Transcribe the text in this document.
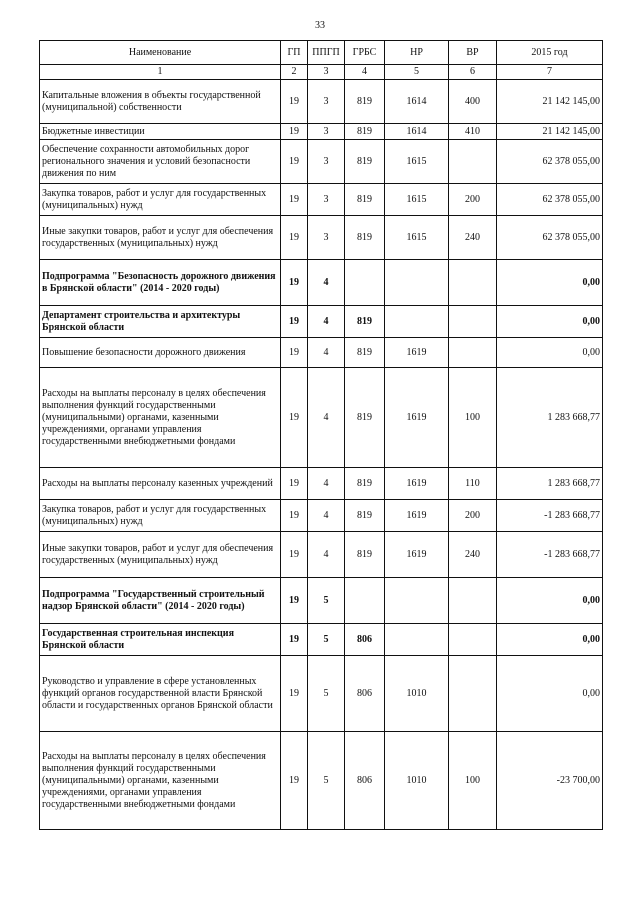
33
Наименование	ГП	ППГП	ГРБС	НР	ВР	2015 год
1	2	3	4	5	6	7
Капитальные вложения в объекты государственной (муниципальной) собственности	19	3	819	1614	400	21 142 145,00
Бюджетные инвестиции	19	3	819	1614	410	21 142 145,00
Обеспечение сохранности автомобильных дорог регионального значения и условий безопасности движения по ним	19	3	819	1615		62 378 055,00
Закупка товаров, работ и услуг для государственных (муниципальных) нужд	19	3	819	1615	200	62 378 055,00
Иные закупки товаров, работ и услуг для обеспечения государственных (муниципальных) нужд	19	3	819	1615	240	62 378 055,00
Подпрограмма "Безопасность дорожного движения в Брянской области" (2014 - 2020 годы)	19	4				0,00
Департамент строительства и архитектуры Брянской области	19	4	819			0,00
Повышение безопасности дорожного движения	19	4	819	1619		0,00
Расходы на выплаты персоналу в целях обеспечения выполнения функций государственными (муниципальными) органами, казенными учреждениями, органами управления государственными внебюджетными фондами	19	4	819	1619	100	1 283 668,77
Расходы на выплаты персоналу казенных учреждений	19	4	819	1619	110	1 283 668,77
Закупка товаров, работ и услуг для государственных (муниципальных) нужд	19	4	819	1619	200	-1 283 668,77
Иные закупки товаров, работ и услуг для обеспечения государственных (муниципальных) нужд	19	4	819	1619	240	-1 283 668,77
Подпрограмма "Государственный строительный надзор Брянской области" (2014 - 2020 годы)	19	5				0,00
Государственная строительная инспекция Брянской области	19	5	806			0,00
Руководство и управление в сфере установленных функций органов государственной власти Брянской области и государственных органов Брянской области	19	5	806	1010		0,00
Расходы на выплаты персоналу в целях обеспечения выполнения функций государственными (муниципальными) органами, казенными учреждениями, органами управления государственными внебюджетными фондами	19	5	806	1010	100	-23 700,00
